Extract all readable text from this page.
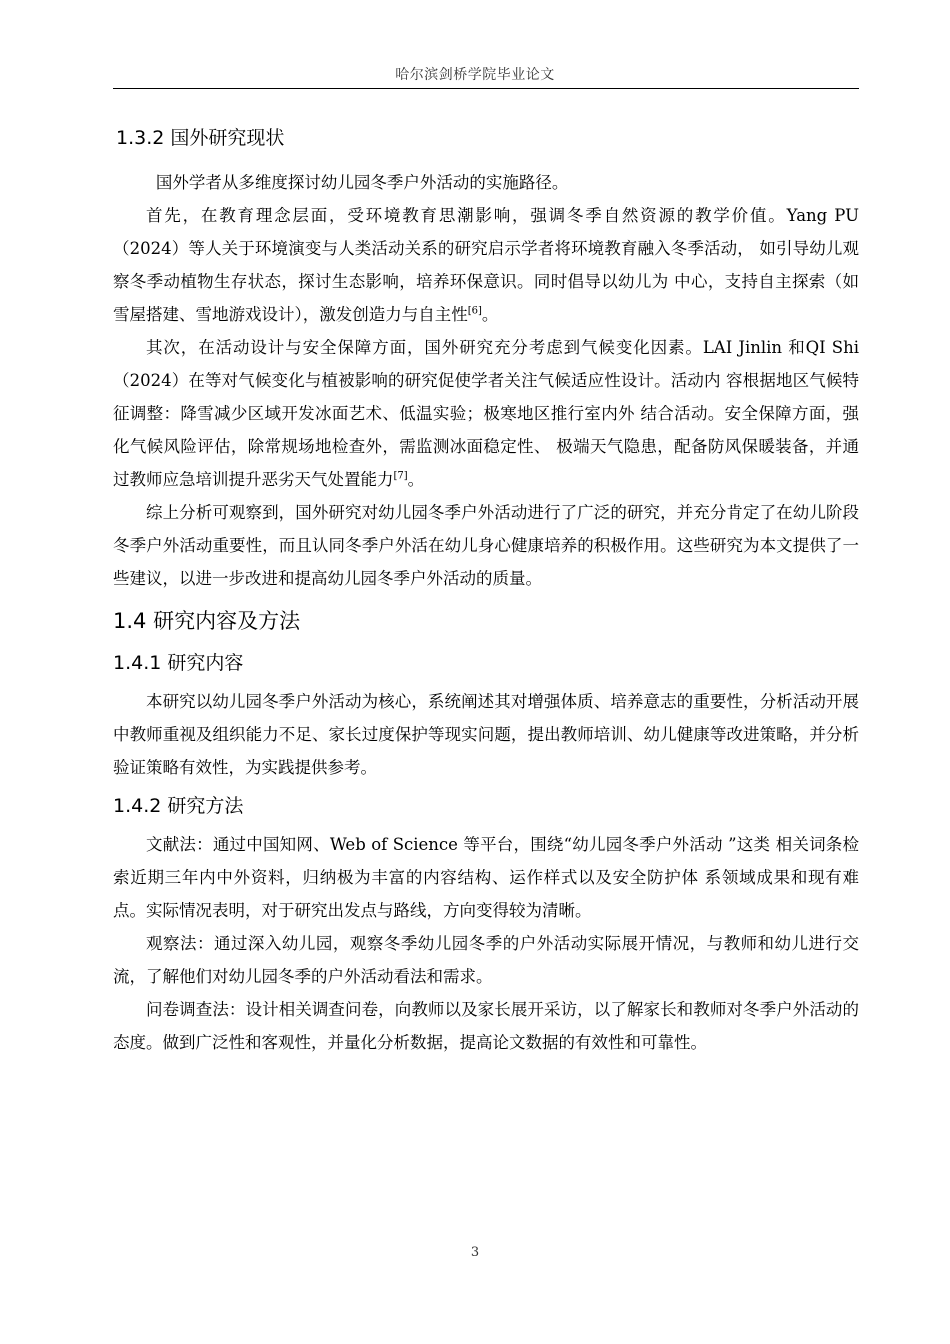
哈尔滨剑桥学院毕业论文
1.3.2 国外研究现状

国外学者从多维度探讨幼儿园冬季户外活动的实施路径。

首先，在教育理念层面，受环境教育思潮影响，强调冬季自然资源的教学价值。Yang PU（2024）等人关于环境演变与人类活动关系的研究启示学者将环境教育融入冬季活动， 如引导幼儿观察冬季动植物生存状态，探讨生态影响，培养环保意识。同时倡导以幼儿为 中心，支持自主探索（如雪屋搭建、雪地游戏设计），激发创造力与自主性[6]。

其次，在活动设计与安全保障方面，国外研究充分考虑到气候变化因素。LAI Jinlin 和QI Shi （2024）在等对气候变化与植被影响的研究促使学者关注气候适应性设计。活动内 容根据地区气候特征调整：降雪减少区域开发冰面艺术、低温实验；极寒地区推行室内外 结合活动。安全保障方面，强化气候风险评估，除常规场地检查外，需监测冰面稳定性、 极端天气隐患，配备防风保暖装备，并通过教师应急培训提升恶劣天气处置能力[7]。

综上分析可观察到，国外研究对幼儿园冬季户外活动进行了广泛的研究，并充分肯定了在幼儿阶段冬季户外活动重要性，而且认同冬季户外活在幼儿身心健康培养的积极作用。这些研究为本文提供了一些建议，以进一步改进和提高幼儿园冬季户外活动的质量。

1.4 研究内容及方法
1.4.1 研究内容

本研究以幼儿园冬季户外活动为核心，系统阐述其对增强体质、培养意志的重要性，分析活动开展中教师重视及组织能力不足、家长过度保护等现实问题，提出教师培训、幼儿健康等改进策略，并分析验证策略有效性，为实践提供参考。

1.4.2 研究方法

文献法：通过中国知网、Web of Science 等平台，围绕“幼儿园冬季户外活动 ”这类 相关词条检索近期三年内中外资料，归纳极为丰富的内容结构、运作样式以及安全防护体 系领域成果和现有难点。实际情况表明，对于研究出发点与路线，方向变得较为清晰。

观察法：通过深入幼儿园，观察冬季幼儿园冬季的户外活动实际展开情况，与教师和幼儿进行交流，了解他们对幼儿园冬季的户外活动看法和需求。

问卷调查法：设计相关调查问卷，向教师以及家长展开采访，以了解家长和教师对冬季户外活动的态度。做到广泛性和客观性，并量化分析数据，提高论文数据的有效性和可靠性。

3
